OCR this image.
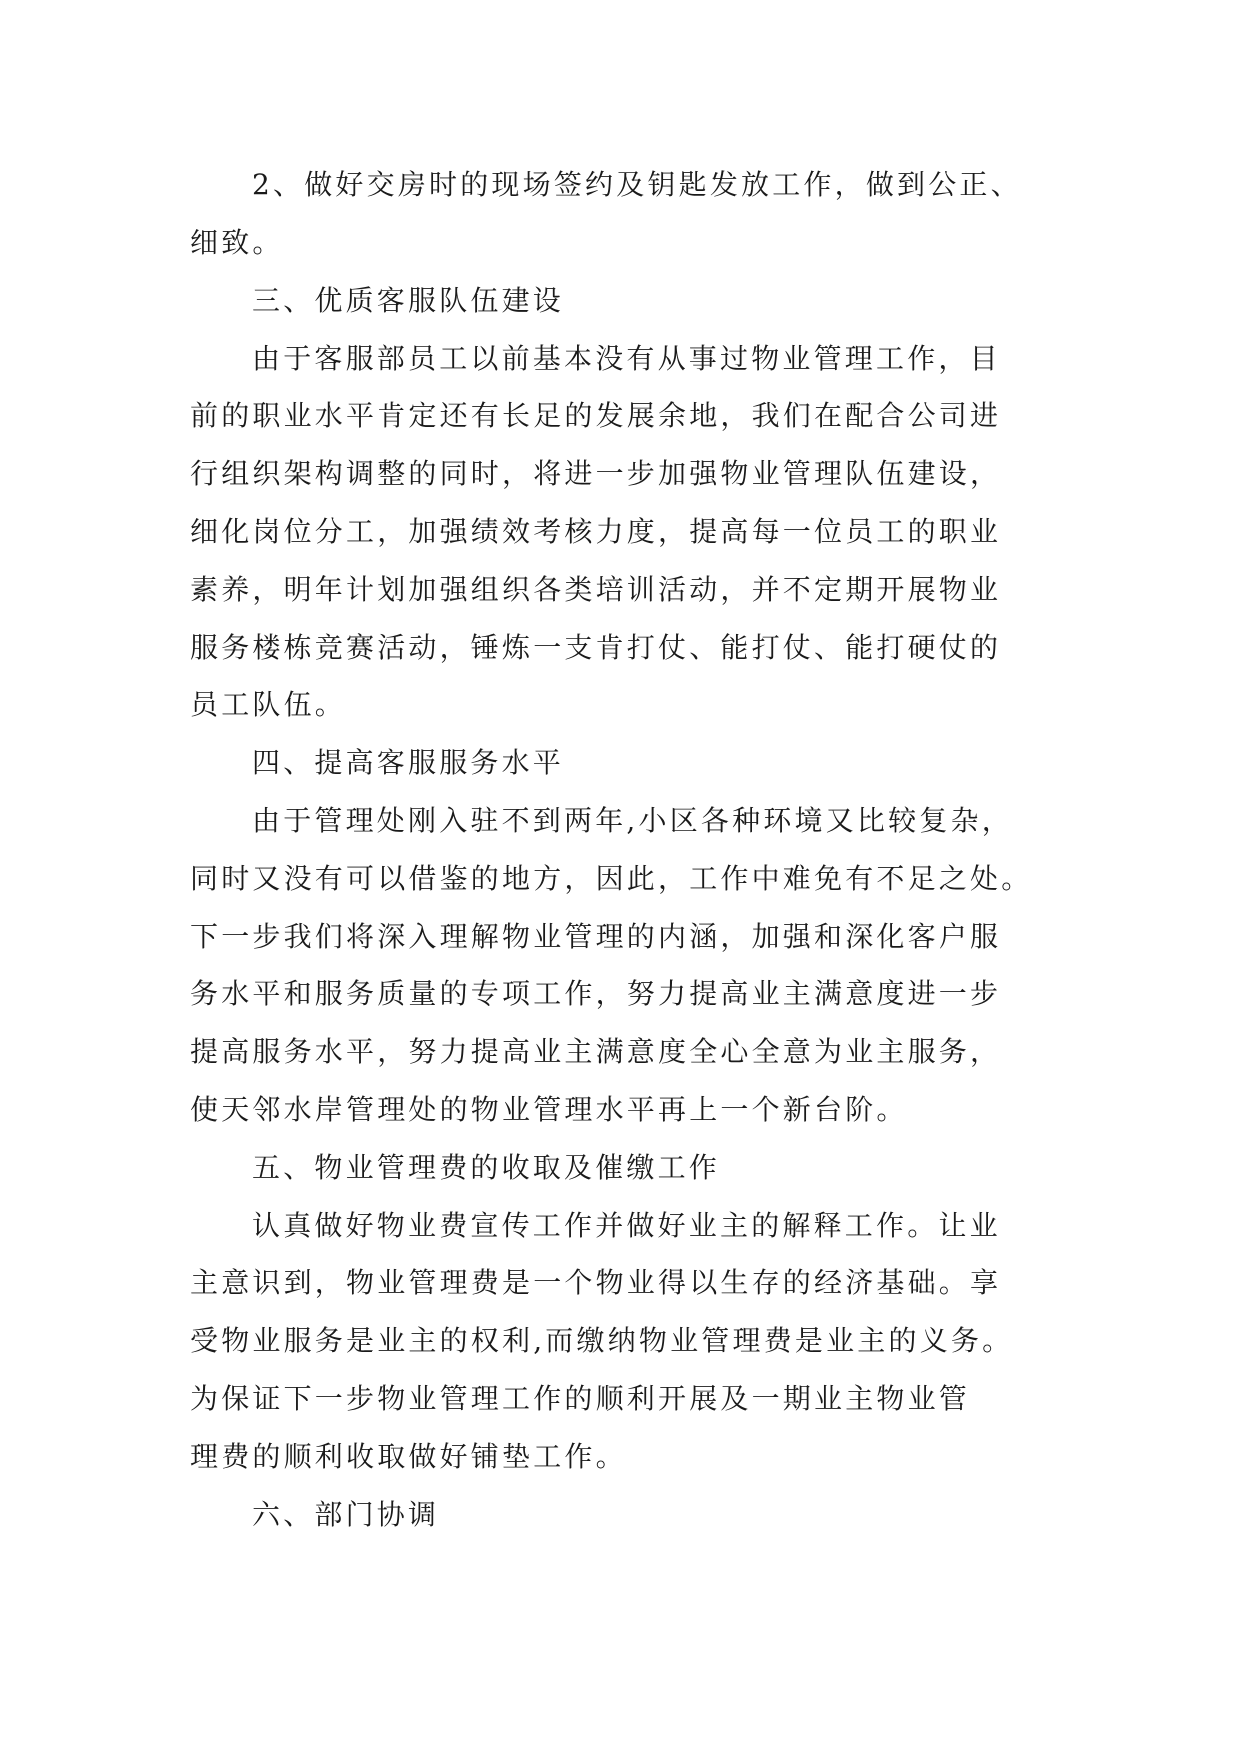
2、做好交房时的现场签约及钥匙发放工作，做到公正、
细致。
三、优质客服队伍建设
由于客服部员工以前基本没有从事过物业管理工作，目
前的职业水平肯定还有长足的发展余地，我们在配合公司进
行组织架构调整的同时，将进一步加强物业管理队伍建设，
细化岗位分工，加强绩效考核力度，提高每一位员工的职业
素养，明年计划加强组织各类培训活动，并不定期开展物业
服务楼栋竞赛活动，锤炼一支肯打仗、能打仗、能打硬仗的
员工队伍。
四、提高客服服务水平
由于管理处刚入驻不到两年,小区各种环境又比较复杂，
同时又没有可以借鉴的地方，因此，工作中难免有不足之处。
下一步我们将深入理解物业管理的内涵，加强和深化客户服
务水平和服务质量的专项工作，努力提高业主满意度进一步
提高服务水平，努力提高业主满意度全心全意为业主服务，
使天邻水岸管理处的物业管理水平再上一个新台阶。
五、物业管理费的收取及催缴工作
认真做好物业费宣传工作并做好业主的解释工作。让业
主意识到，物业管理费是一个物业得以生存的经济基础。享
受物业服务是业主的权利,而缴纳物业管理费是业主的义务。
为保证下一步物业管理工作的顺利开展及一期业主物业管
理费的顺利收取做好铺垫工作。
六、部门协调
